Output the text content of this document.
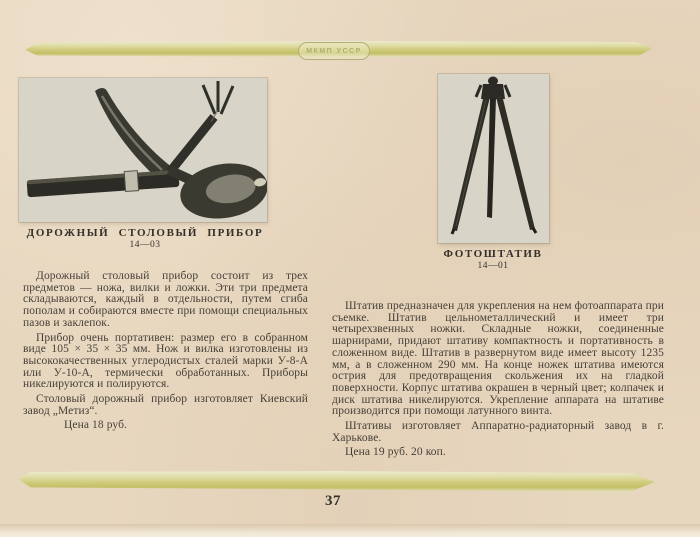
МКМП УССР
ДОРОЖНЫЙ СТОЛОВЫЙ ПРИБОР
14—03

Дорожный столовый прибор состоит из трех предметов — ножа, вилки и ложки. Эти три предмета складываются, каждый в отдельности, путем сгиба пополам и собираются вместе при помощи специальных пазов и заклепок.

Прибор очень портативен: размер его в собранном виде 105 × 35 × 35 мм. Нож и вилка изготовлены из высококачественных углеродистых сталей марки У-8-А или У-10-А, термически обработанных. Приборы никелируются и полируются.

Столовый дорожный прибор изготовляет Киевский завод „Метиз“.

Цена 18 руб.

ФОТОШТАТИВ
14—01

Штатив предназначен для укрепления на нем фотоаппарата при съемке. Штатив цельнометаллический и имеет три четырехзвенных ножки. Складные ножки, соединенные шарнирами, придают штативу компактность и портативность в сложенном виде. Штатив в развернутом виде имеет высоту 1235 мм, а в сложенном 290 мм. На конце ножек штатива имеются острия для предотвращения скольжения их на гладкой поверхности. Корпус штатива окрашен в черный цвет; колпачек и диск штатива никелируются. Укрепление аппарата на штативе производится при помощи латунного винта.

Штативы изготовляет Аппаратно-радиаторный завод в г. Харькове.

Цена 19 руб. 20 коп.

37
